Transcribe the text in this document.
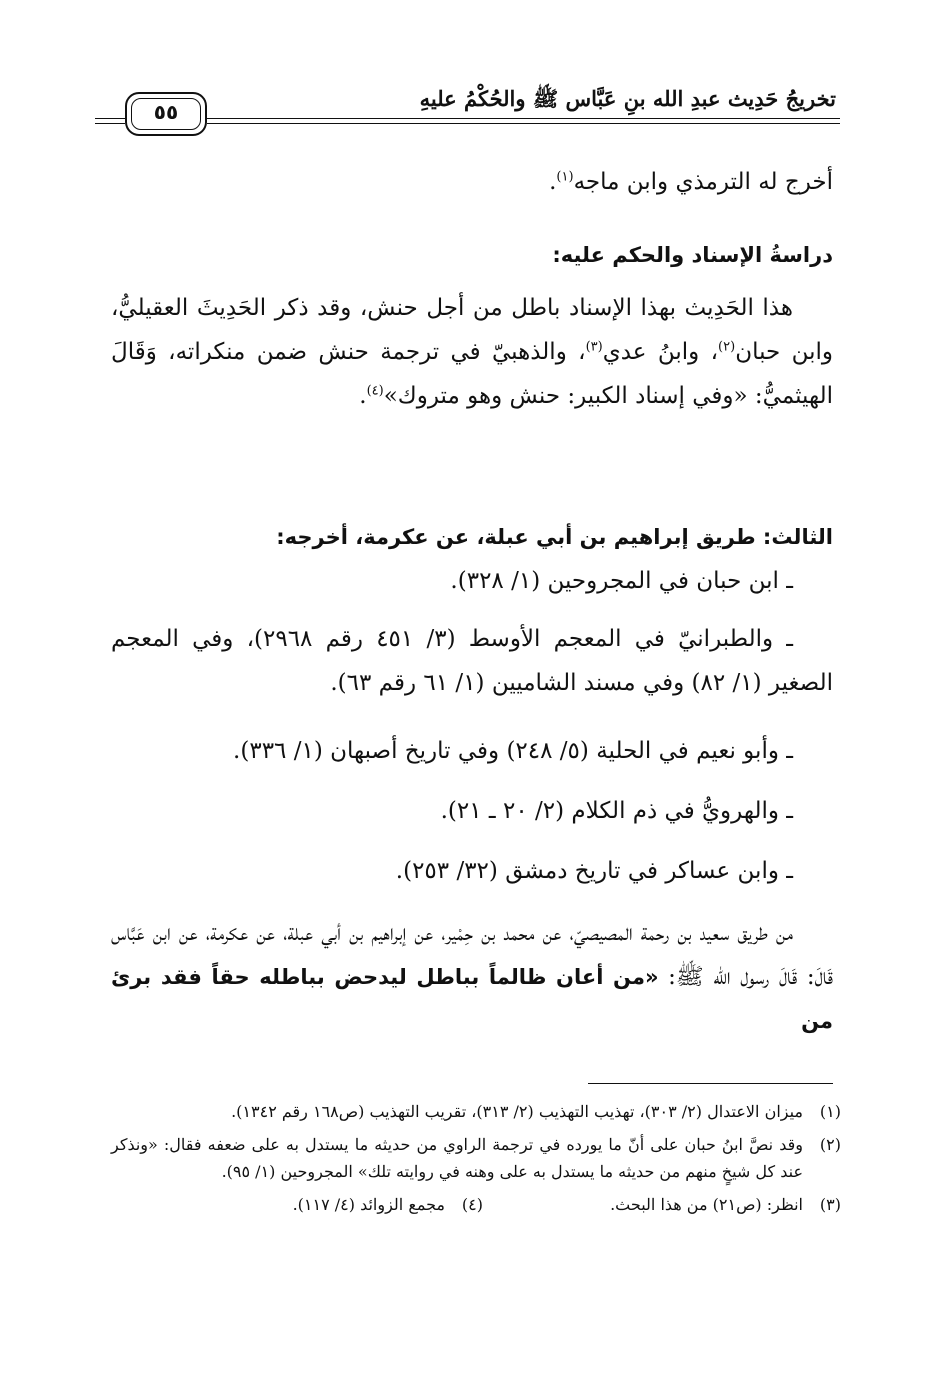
تخريجُ حَدِيث عبدِ الله بنِ عَبَّاس ﷺ والحُكْمُ عليهِ
٥٥
أخرج له الترمذي وابن ماجه$^{(١)}$.
دراسةُ الإسناد والحكم عليه:
هذا الحَدِيث بهذا الإسناد باطل من أجل حنش، وقد ذكر الحَدِيثَ العقيليُّ، وابن حبان$^{(٢)}$، وابنُ عدي$^{(٣)}$، والذهبيّ في ترجمة حنش ضمن منكراته، وَقَالَ الهيثميُّ: «وفي إسناد الكبير: حنش وهو متروك»$^{(٤)}$.
الثالث: طريق إبراهيم بن أبي عبلة، عن عكرمة، أخرجه:
ـ ابن حبان في المجروحين (١/ ٣٢٨).
ـ والطبرانيّ في المعجم الأوسط (٣/ ٤٥١ رقم ٢٩٦٨)، وفي المعجم الصغير (١/ ٨٢) وفي مسند الشاميين (١/ ٦١ رقم ٦٣).
ـ وأبو نعيم في الحلية (٥/ ٢٤٨) وفي تاريخ أصبهان (١/ ٣٣٦).
ـ والهرويُّ في ذم الكلام (٢/ ٢٠ ـ ٢١).
ـ وابن عساكر في تاريخ دمشق (٣٢/ ٢٥٣).
من طريق سعيد بن رحمة المصيصيّ، عن محمد بن حِمْير، عن إبراهيم بن أبي عبلة، عن عكرمة، عن ابن عَبَّاس قَالَ: قَالَ رسول الله ﷺ: «من أعان ظالماً بباطل ليدحض بباطله حقاً فقد برئ من
(١)
ميزان الاعتدال (٢/ ٣٠٣)، تهذيب التهذيب (٢/ ٣١٣)، تقريب التهذيب (ص١٦٨ رقم ١٣٤٢).
(٢)
وقد نصَّ ابنُ حبان على أنّ ما يورده في ترجمة الراوي من حديثه ما يستدل به على ضعفه فقال: «ونذكر عند كل شيخٍ منهم من حديثه ما يستدل به على وهنه في روايته تلك» المجروحين (١/ ٩٥).
(٣)
انظر: (ص٢١) من هذا البحث.
(٤)
مجمع الزوائد (٤/ ١١٧).
